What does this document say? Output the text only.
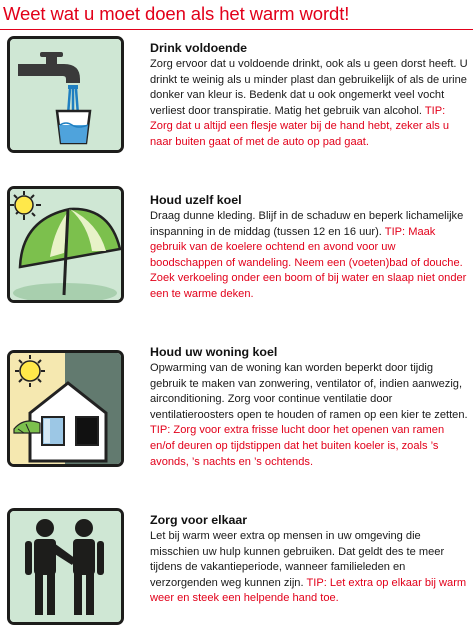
Weet wat u moet doen als het warm wordt!
Drink voldoende
Zorg ervoor dat u voldoende drinkt, ook als u geen dorst heeft. U drinkt te weinig als u minder plast dan gebruikelijk of als de urine donker van kleur is. Bedenk dat u ook ongemerkt veel vocht verliest door transpiratie. Matig het gebruik van alcohol. TIP: Zorg dat u altijd een flesje water bij de hand hebt, zeker als u naar buiten gaat of met de auto op pad gaat.
Houd uzelf koel
Draag dunne kleding. Blijf in de schaduw en beperk lichamelijke inspanning in de middag (tussen 12 en 16 uur). TIP: Maak gebruik van de koelere ochtend en avond voor uw boodschappen of wandeling. Neem een (voeten)bad of douche. Zoek verkoeling onder een boom of bij water en slaap niet onder een te warme deken.
Houd uw woning koel
Opwarming van de woning kan worden beperkt door tijdig gebruik te maken van zonwering, ventilator of, indien aanwezig, airconditioning. Zorg voor continue ventilatie door ventilatieroosters open te houden of ramen op een kier te zetten. TIP: Zorg voor extra frisse lucht door het openen van ramen en/of deuren op tijdstippen dat het buiten koeler is, zoals ’s avonds, ’s nachts en ’s ochtends.
Zorg voor elkaar
Let bij warm weer extra op mensen in uw omgeving die misschien uw hulp kunnen gebruiken. Dat geldt des te meer tijdens de vakantieperiode, wanneer familieleden en verzorgenden weg kunnen zijn. TIP: Let extra op elkaar bij warm weer en steek een helpende hand toe.
